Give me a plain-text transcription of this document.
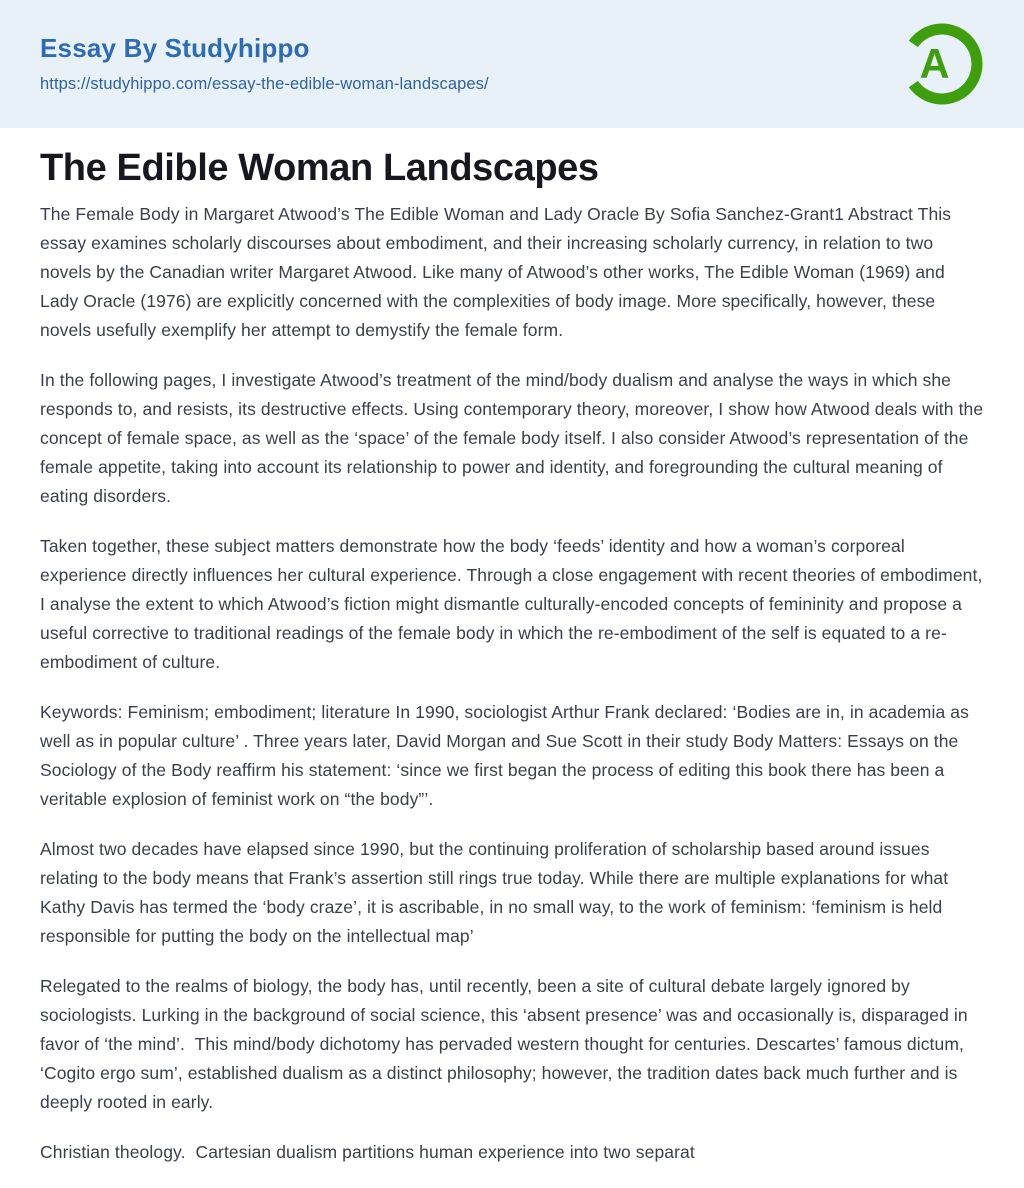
Essay By Studyhippo
https://studyhippo.com/essay-the-edible-woman-landscapes/	A
The Edible Woman Landscapes

The Female Body in Margaret Atwood’s The Edible Woman and Lady Oracle By Sofia Sanchez-Grant1 Abstract This essay examines scholarly discourses about embodiment, and their increasing scholarly currency, in relation to two novels by the Canadian writer Margaret Atwood. Like many of Atwood’s other works, The Edible Woman (1969) and Lady Oracle (1976) are explicitly concerned with the complexities of body image. More specifically, however, these novels usefully exemplify her attempt to demystify the female form.

In the following pages, I investigate Atwood’s treatment of the mind/body dualism and analyse the ways in which she responds to, and resists, its destructive effects. Using contemporary theory, moreover, I show how Atwood deals with the concept of female space, as well as the ‘space’ of the female body itself. I also consider Atwood’s representation of the female appetite, taking into account its relationship to power and identity, and foregrounding the cultural meaning of eating disorders.

Taken together, these subject matters demonstrate how the body ‘feeds’ identity and how a woman’s corporeal experience directly influences her cultural experience. Through a close engagement with recent theories of embodiment, I analyse the extent to which Atwood’s fiction might dismantle culturally-encoded concepts of femininity and propose a useful corrective to traditional readings of the female body in which the re-embodiment of the self is equated to a re-embodiment of culture.

Keywords: Feminism; embodiment; literature In 1990, sociologist Arthur Frank declared: ‘Bodies are in, in academia as well as in popular culture’ . Three years later, David Morgan and Sue Scott in their study Body Matters: Essays on the Sociology of the Body reaffirm his statement: ‘since we first began the process of editing this book there has been a veritable explosion of feminist work on “the body”’.

Almost two decades have elapsed since 1990, but the continuing proliferation of scholarship based around issues relating to the body means that Frank’s assertion still rings true today. While there are multiple explanations for what Kathy Davis has termed the ‘body craze’, it is ascribable, in no small way, to the work of feminism: ‘feminism is held responsible for putting the body on the intellectual map’

Relegated to the realms of biology, the body has, until recently, been a site of cultural debate largely ignored by sociologists. Lurking in the background of social science, this ‘absent presence’ was and occasionally is, disparaged in favor of ‘the mind’.  This mind/body dichotomy has pervaded western thought for centuries. Descartes’ famous dictum, ‘Cogito ergo sum’, established dualism as a distinct philosophy; however, the tradition dates back much further and is deeply rooted in early.

Christian theology.  Cartesian dualism partitions human experience into two separat
